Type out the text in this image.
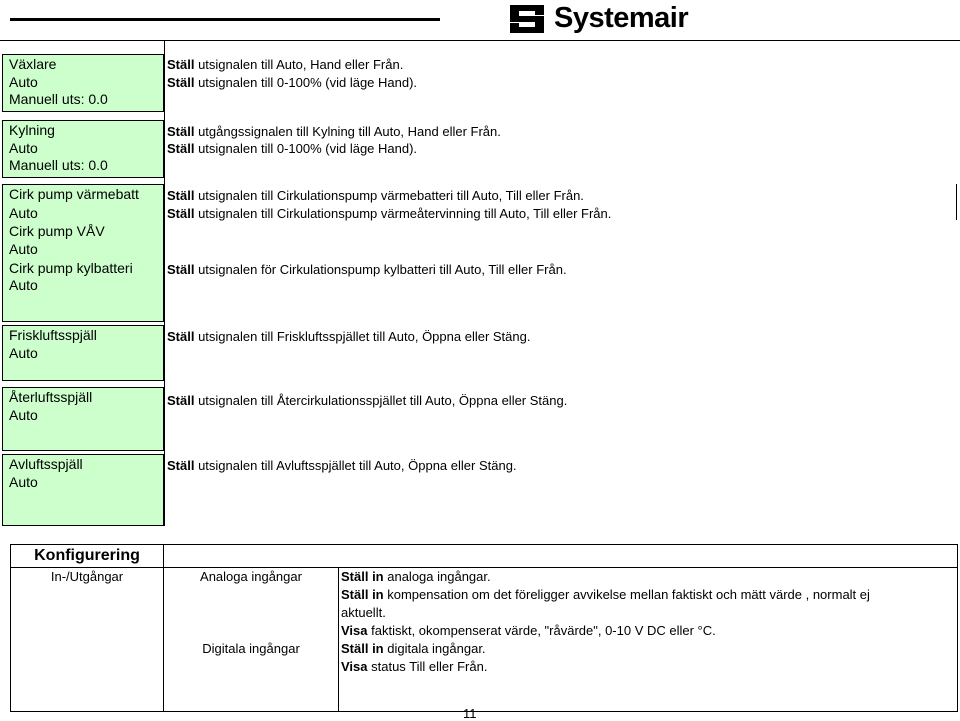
Systemair
Växlare
Auto
Manuell uts: 0.0
Kylning
Auto
Manuell uts: 0.0
Cirk pump värmebatt
Auto
Cirk pump VÅV
Auto
Cirk pump kylbatteri
Auto
Friskluftsspjäll
Auto
Återluftsspjäll
Auto
Avluftsspjäll
Auto
Ställ utsignalen till Auto, Hand eller Från.
Ställ utsignalen till 0-100% (vid läge Hand).
Ställ utgångssignalen till Kylning till Auto, Hand eller Från.
Ställ utsignalen till 0-100% (vid läge Hand).
Ställ utsignalen till Cirkulationspump värmebatteri till Auto, Till eller Från.
Ställ utsignalen till Cirkulationspump värmeåtervinning till Auto, Till eller Från.
Ställ utsignalen för Cirkulationspump kylbatteri till Auto, Till eller Från.
Ställ utsignalen till Friskluftsspjället till Auto, Öppna eller Stäng.
Ställ utsignalen till Återcirkulationsspjället till Auto, Öppna eller Stäng.
Ställ utsignalen till Avluftsspjället till Auto, Öppna eller Stäng.
Konfigurering
In-/Utgångar	Analoga ingångar
Digitala ingångar
Ställ in analoga ingångar.
Ställ in kompensation om det föreligger avvikelse mellan faktiskt och mätt värde , normalt ej
aktuellt.
Visa faktiskt, okompenserat värde, "råvärde", 0-10 V DC eller °C.
Ställ in digitala ingångar.
Visa status Till eller Från.
11
